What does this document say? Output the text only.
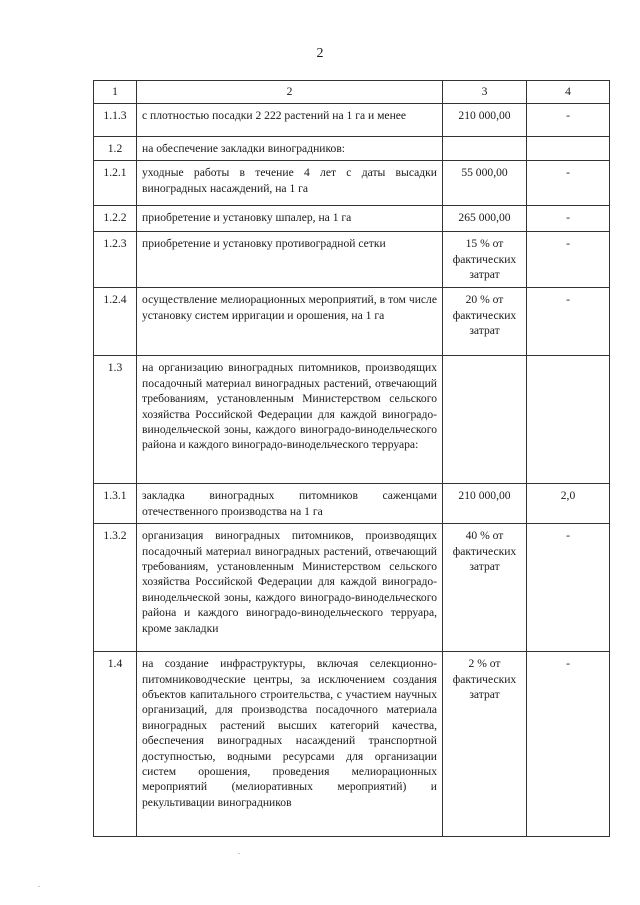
2
1	2	3	4
1.1.3	с плотностью посадки 2 222 растений на 1 га и менее	210 000,00	-
1.2	на обеспечение закладки виноградников:		
1.2.1	уходные работы в течение 4 лет с даты высадки виноградных насаждений, на 1 га	55 000,00	-
1.2.2	приобретение и установку шпалер, на 1 га	265 000,00	-
1.2.3	приобретение и установку противоградной сетки	15 % от фактических затрат	-
1.2.4	осуществление мелиорационных мероприятий, в том числе установку систем ирригации и орошения, на 1 га	20 % от фактических затрат	-
1.3	на организацию виноградных питомников, производящих посадочный материал виноградных растений, отвечающий требованиям, установленным Министерством сельского хозяйства Российской Федерации для каждой виноградо-винодельческой зоны, каждого виноградо-винодельческого района и каждого виноградо-винодельческого терруара:		
1.3.1	закладка виноградных питомников саженцами отечественного производства на 1 га	210 000,00	2,0
1.3.2	организация виноградных питомников, производящих посадочный материал виноградных растений, отвечающий требованиям, установленным Министерством сельского хозяйства Российской Федерации для каждой виноградо-винодельческой зоны, каждого виноградо-винодельческого района и каждого виноградо-винодельческого терруара, кроме закладки	40 % от фактических затрат	-
1.4	на создание инфраструктуры, включая селекционно-питомниководческие центры, за исключением создания объектов капитального строительства, с участием научных организаций, для производства посадочного материала виноградных растений высших категорий качества, обеспечения виноградных насаждений транспортной доступностью, водными ресурсами для организации систем орошения, проведения мелиорационных мероприятий (мелиоративных мероприятий) и рекультивации виноградников	2 % от фактических затрат	-
.
.
